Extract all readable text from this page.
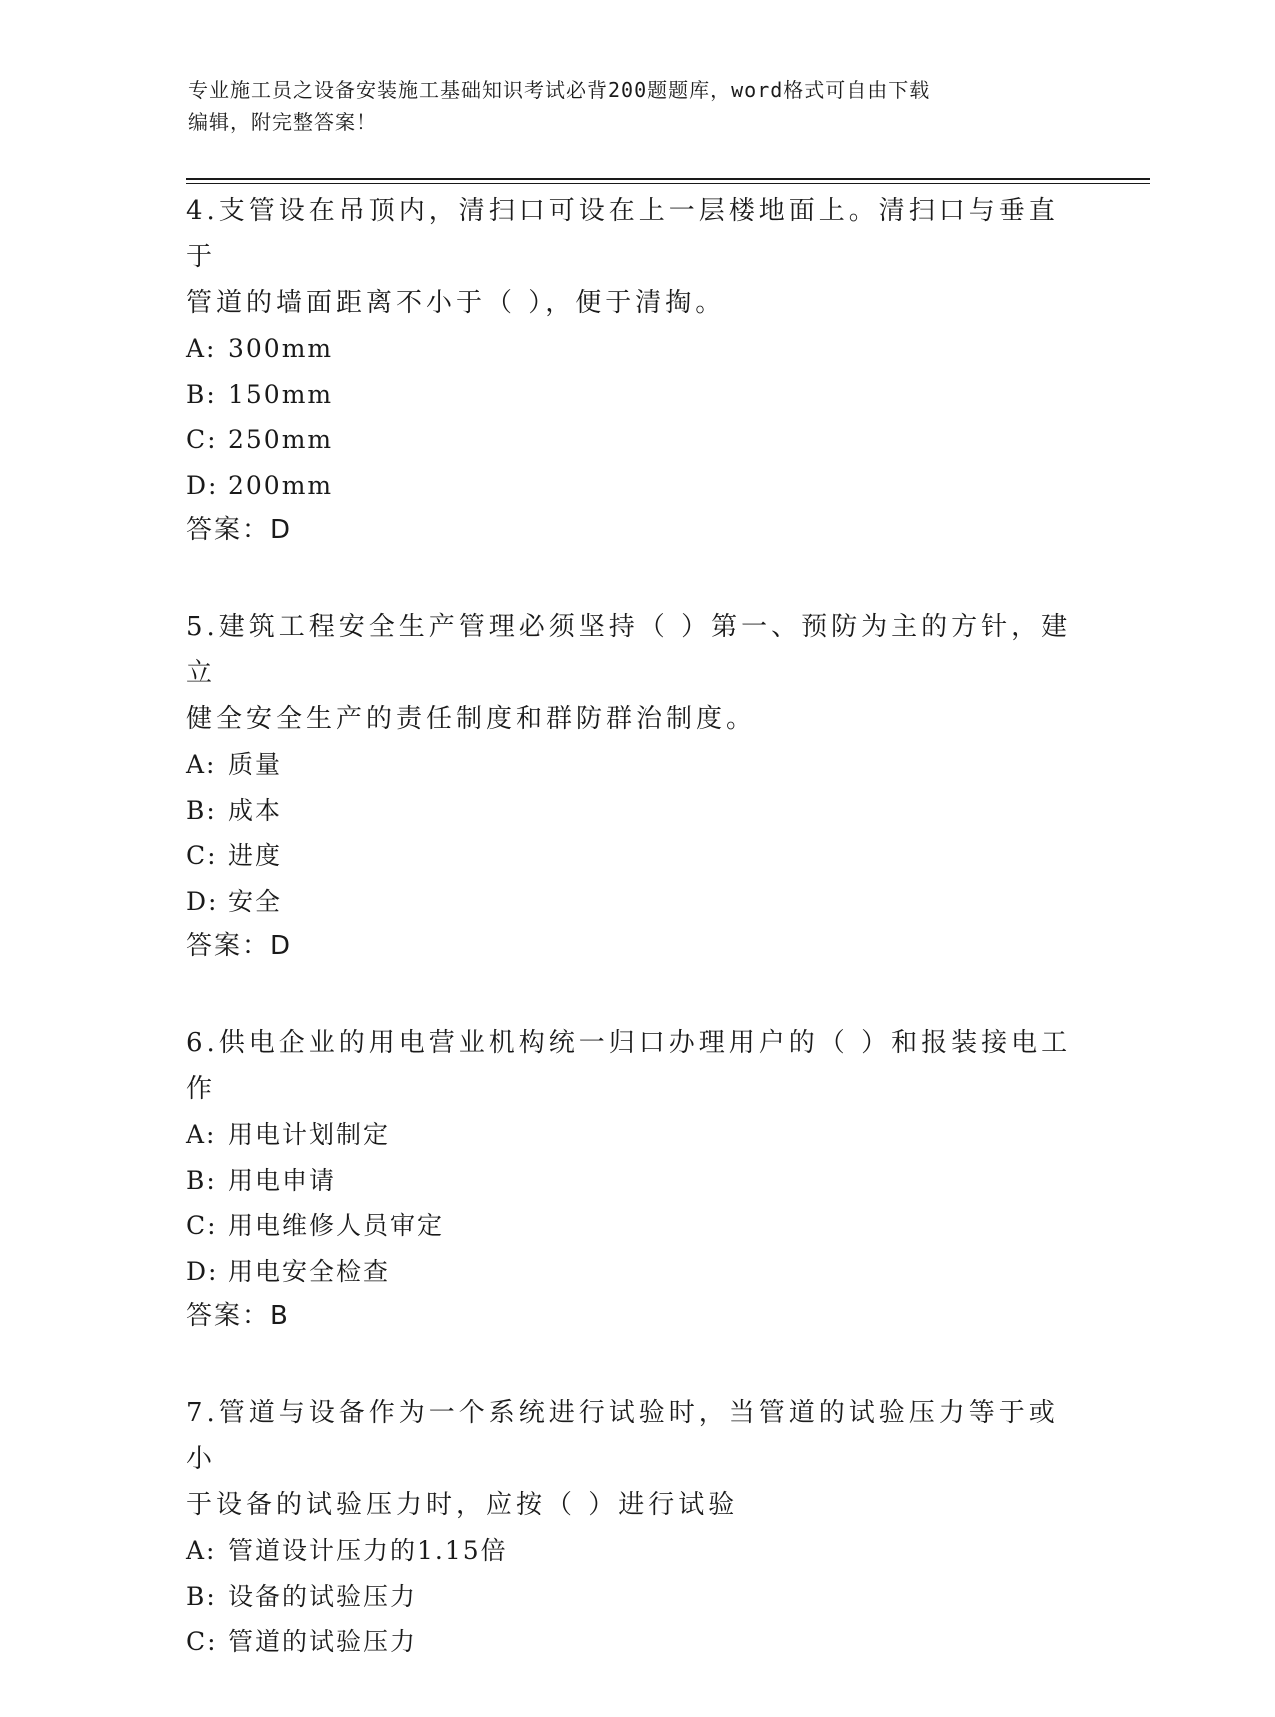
专业施工员之设备安装施工基础知识考试必背200题题库，word格式可自由下载
编辑，附完整答案！
4.支管设在吊顶内，清扫口可设在上一层楼地面上。清扫口与垂直于
管道的墙面距离不小于（ ），便于清掏。
A: 300mm
B: 150mm
C: 250mm
D: 200mm
答案：D
5.建筑工程安全生产管理必须坚持（ ）第一、预防为主的方针，建立
健全安全生产的责任制度和群防群治制度。
A: 质量
B: 成本
C: 进度
D: 安全
答案：D
6.供电企业的用电营业机构统一归口办理用户的（ ）和报装接电工作
A: 用电计划制定
B: 用电申请
C: 用电维修人员审定
D: 用电安全检查
答案：B
7.管道与设备作为一个系统进行试验时，当管道的试验压力等于或小
于设备的试验压力时，应按（ ）进行试验
A: 管道设计压力的1.15倍
B: 设备的试验压力
C: 管道的试验压力
